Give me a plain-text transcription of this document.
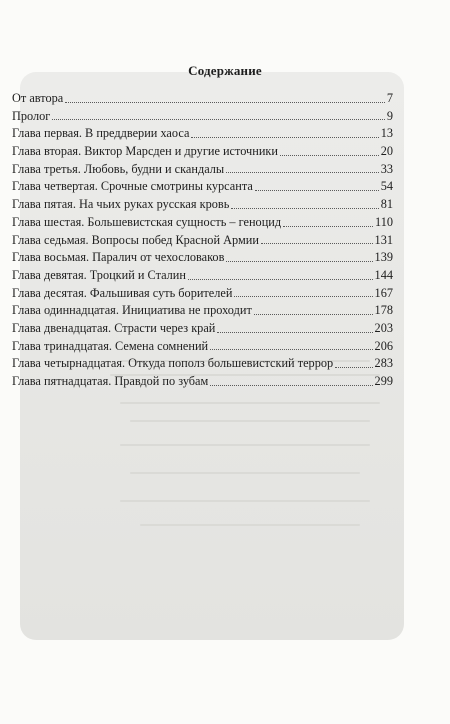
Содержание
От автора	7
Пролог	9
Глава первая. В преддверии хаоса	13
Глава вторая. Виктор Марсден и другие источники	20
Глава третья. Любовь, будни и скандалы	33
Глава четвертая. Срочные смотрины курсанта	54
Глава пятая. На чьих руках русская кровь	81
Глава шестая. Большевистская сущность – геноцид	110
Глава седьмая. Вопросы побед Красной Армии	131
Глава восьмая. Паралич от чехословаков	139
Глава девятая. Троцкий и Сталин	144
Глава десятая. Фальшивая суть борителей	167
Глава одиннадцатая. Инициатива не проходит	178
Глава двенадцатая. Страсти через край	203
Глава тринадцатая. Семена сомнений	206
Глава четырнадцатая. Откуда пополз большевистский террор	283
Глава пятнадцатая. Правдой по зубам	299
